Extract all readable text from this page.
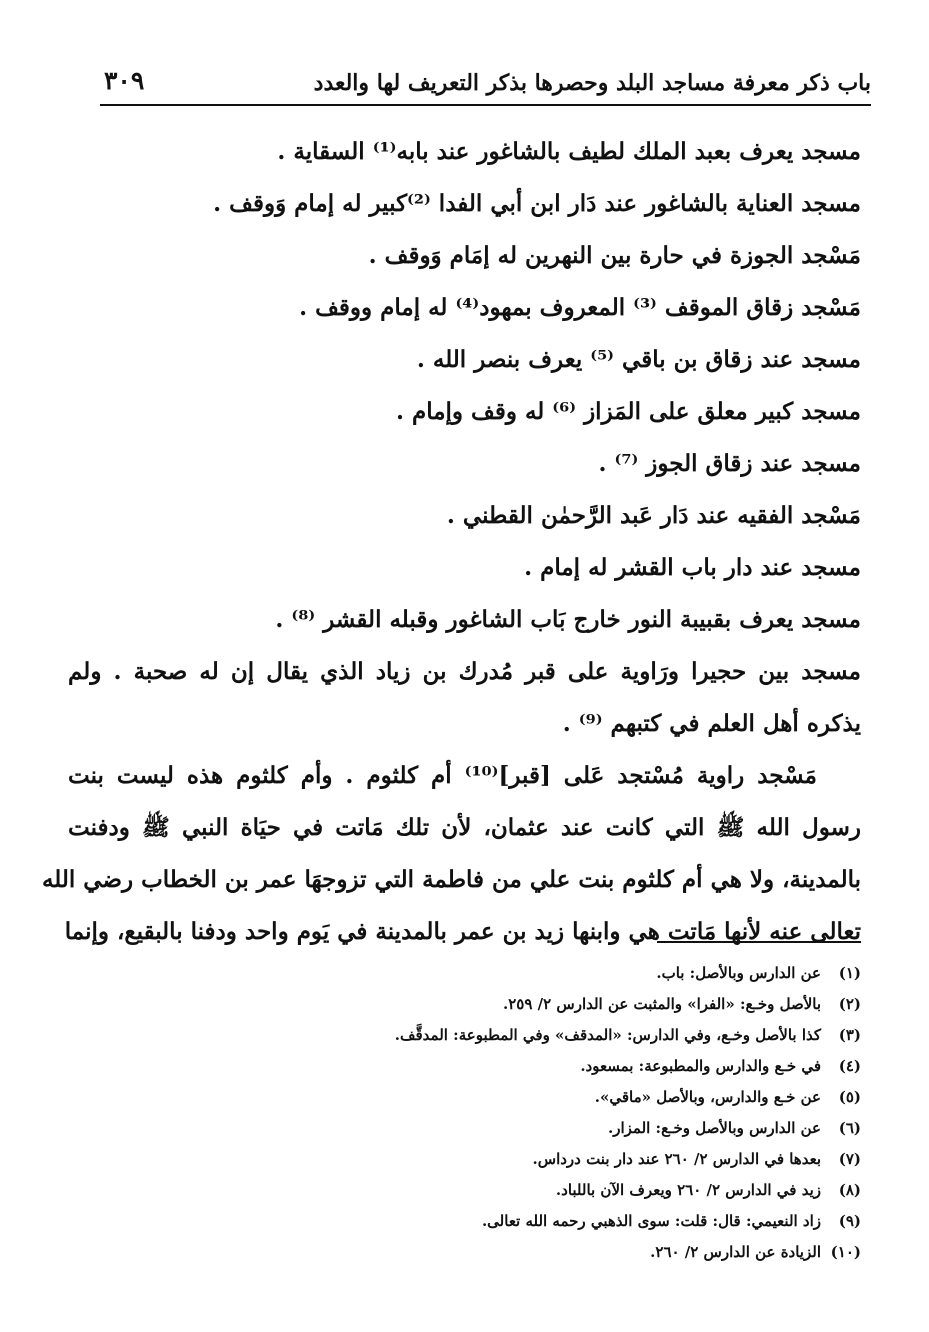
باب ذكر معرفة مساجد البلد وحصرها بذكر التعريف لها والعدد
٣٠٩
مسجد يعرف بعبد الملك لطيف بالشاغور عند بابه⁽¹⁾ السقاية .
مسجد العناية بالشاغور عند دَار ابن أبي الفدا ⁽²⁾كبير له إمام وَوقف .
مَسْجد الجوزة في حارة بين النهرين له إمَام وَوقف .
مَسْجد زقاق الموقف ⁽³⁾ المعروف بمهود⁽⁴⁾ له إمام ووقف .
مسجد عند زقاق بن باقي ⁽⁵⁾ يعرف بنصر الله .
مسجد كبير معلق على المَزاز ⁽⁶⁾ له وقف وإمام .
مسجد عند زقاق الجوز ⁽⁷⁾ .
مَسْجد الفقيه عند دَار عَبد الرَّحمٰن القطني .
مسجد عند دار باب القشر له إمام .
مسجد يعرف بقبيبة النور خارج بَاب الشاغور وقبله القشر ⁽⁸⁾ .
مسجد بين حجيرا ورَاوية على قبر مُدرك بن زياد الذي يقال إن له صحبة . ولم
يذكره أهل العلم في كتبهم ⁽⁹⁾ .
مَسْجد راوية مُسْتجد عَلى [قبر]⁽¹⁰⁾ أم كلثوم . وأم كلثوم هذه ليست بنت
رسول الله ﷺ التي كانت عند عثمان، لأن تلك مَاتت في حيَاة النبي ﷺ ودفنت
بالمدينة، ولا هي أم كلثوم بنت علي من فاطمة التي تزوجهَا عمر بن الخطاب رضي الله
تعالى عنه لأنها مَاتت هي وابنها زيد بن عمر بالمدينة في يَوم واحد ودفنا بالبقيع، وإنما
(١)عن الدارس وبالأصل: باب.
(٢)بالأصل وخـع: «الفرا» والمثبت عن الدارس ٢/ ٢٥٩.
(٣)كذا بالأصل وخـع، وفي الدارس: «المدقف» وفي المطبوعة: المدقَّف.
(٤)في خـع والدارس والمطبوعة: بمسعود.
(٥)عن خـع والدارس، وبالأصل «ماقي».
(٦)عن الدارس وبالأصل وخـع: المزار.
(٧)بعدها في الدارس ٢/ ٢٦٠ عند دار بنت درداس.
(٨)زيد في الدارس ٢/ ٢٦٠ ويعرف الآن باللباد.
(٩)زاد النعيمي: قال: قلت: سوى الذهبي رحمه الله تعالى.
(١٠)الزيادة عن الدارس ٢/ ٢٦٠.
